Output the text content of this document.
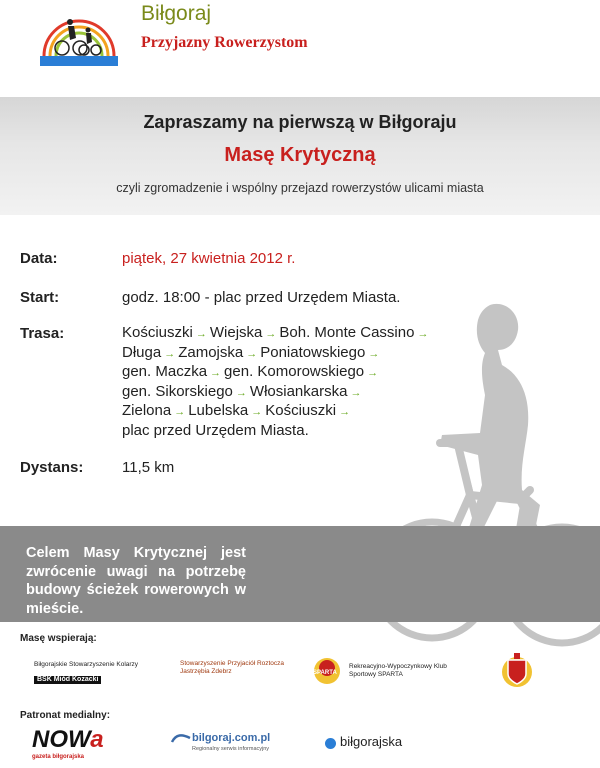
Biłgoraj
Przyjazny Rowerzystom
Zapraszamy na pierwszą w Biłgoraju
Masę Krytyczną
czyli zgromadzenie i wspólny przejazd rowerzystów ulicami miasta
Data:	piątek, 27 kwietnia 2012 r.
Start:	godz. 18:00 - plac przed Urzędem Miasta.
Trasa:	Kościuszki → Wiejska → Boh. Monte Cassino →
Długa → Zamojska → Poniatowskiego →
gen. Maczka → gen. Komorowskiego →
gen. Sikorskiego → Włosiankarska →
Zielona → Lubelska → Kościuszki →
plac przed Urzędem Miasta.
Dystans:	11,5 km
Celem Masy Krytycznej jest zwrócenie uwagi na potrzebę budowy ścieżek rowerowych w mieście.
Masę wspierają:
Biłgorajskie Stowarzyszenie Kolarzy
BSK Miód Kozacki
Stowarzyszenie Przyjaciół Roztocza Jastrzębia Zdebrz	SPARTA
Rekreacyjno-Wypoczynkowy Klub Sportowy SPARTA
Patronat medialny:
NOWa
gazeta biłgorajska
bilgoraj.com.pl
Regionalny serwis informacyjny	biłgorajska
